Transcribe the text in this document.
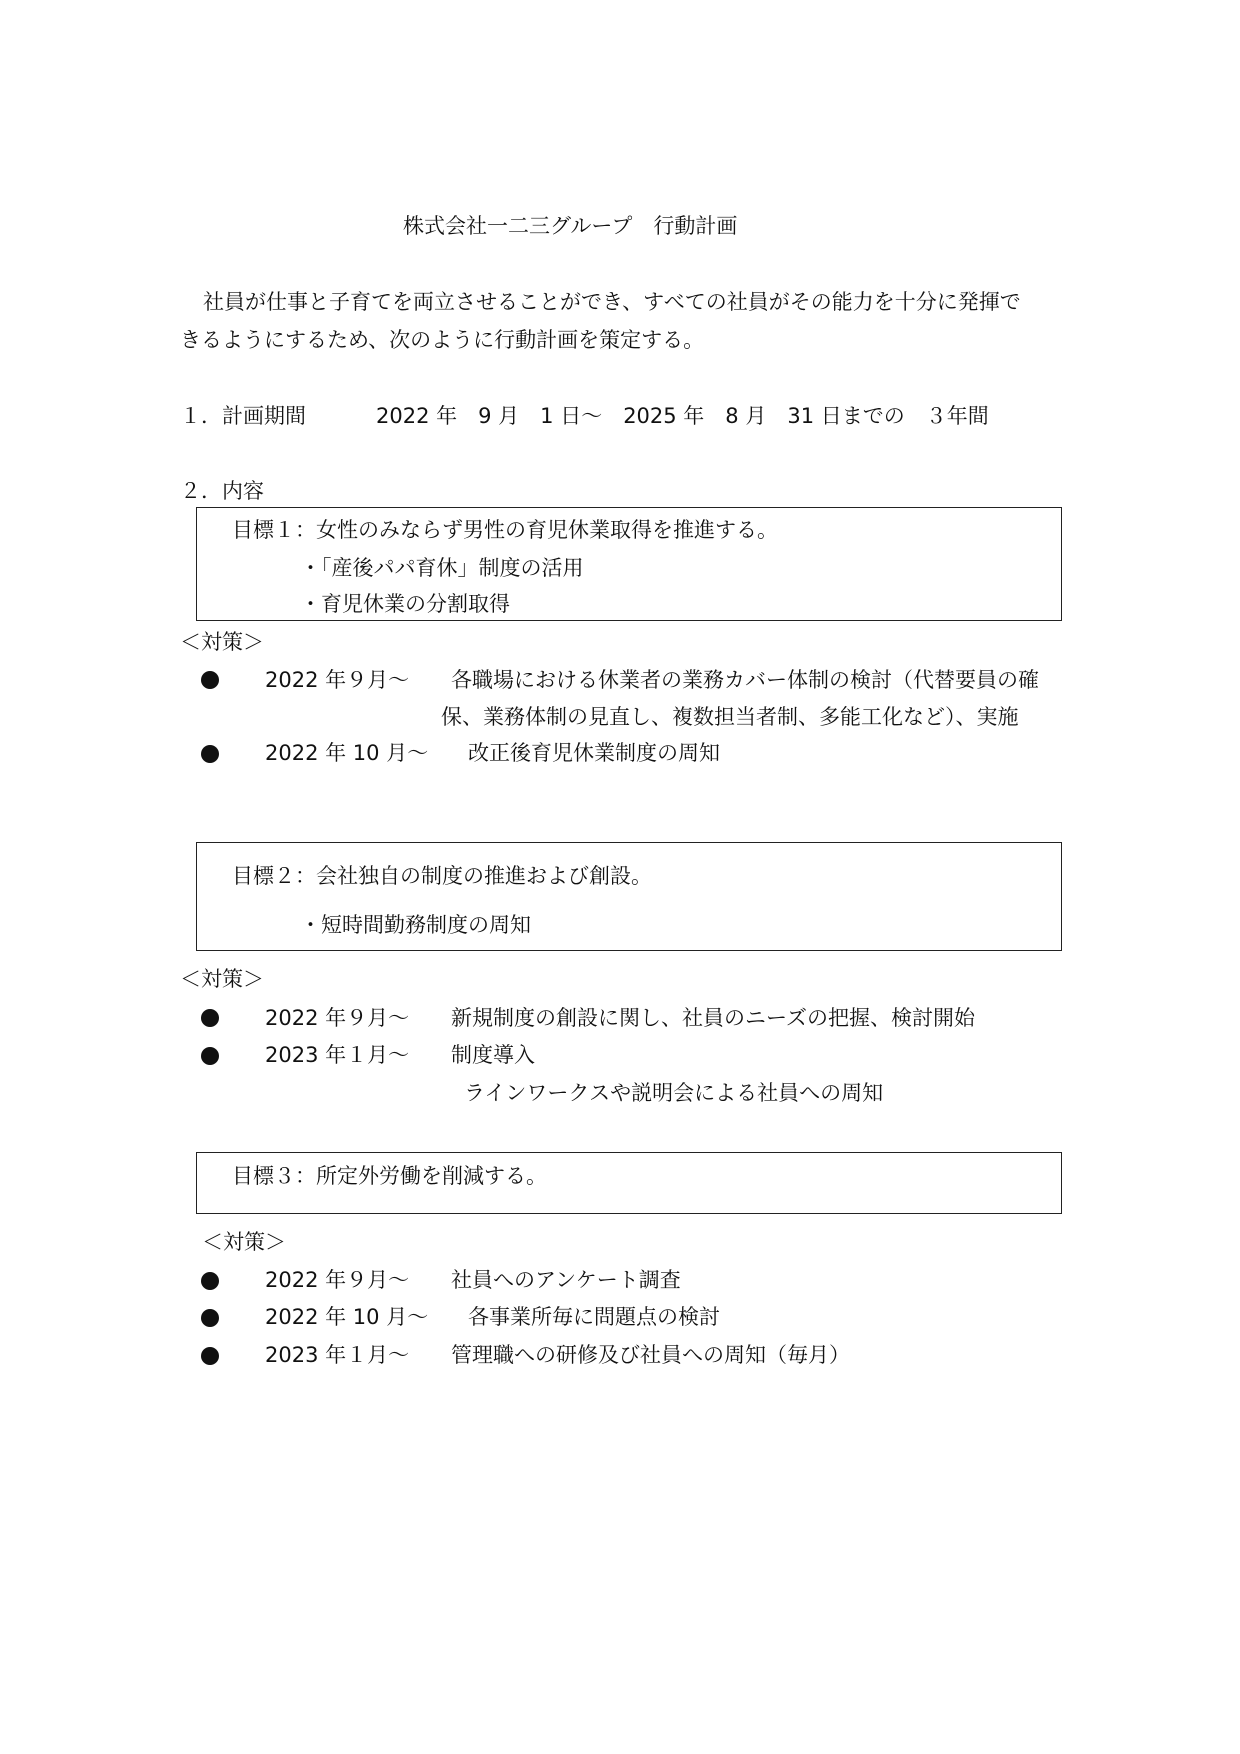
株式会社一二三グループ　行動計画
社員が仕事と子育てを両立させることができ、すべての社員がその能力を十分に発揮で
きるようにするため、次のように行動計画を策定する。
１．計画期間	2022 年　9 月　1 日～　2025 年　8 月　31 日までの　３年間
２．内容
目標１：女性のみならず男性の育児休業取得を推進する。
・「産後パパ育休」制度の活用
・育児休業の分割取得
＜対策＞
2022 年９月～ 各職場における休業者の業務カバー体制の検討（代替要員の確
保、業務体制の見直し、複数担当者制、多能工化など）、実施
2022 年 10 月～ 改正後育児休業制度の周知
目標２：会社独自の制度の推進および創設。
・短時間勤務制度の周知
＜対策＞
2022 年９月～ 新規制度の創設に関し、社員のニーズの把握、検討開始
2023 年１月～ 制度導入
ラインワークスや説明会による社員への周知
目標３：所定外労働を削減する。
＜対策＞
2022 年９月～ 社員へのアンケート調査
2022 年 10 月～ 各事業所毎に問題点の検討
2023 年１月～ 管理職への研修及び社員への周知（毎月）
